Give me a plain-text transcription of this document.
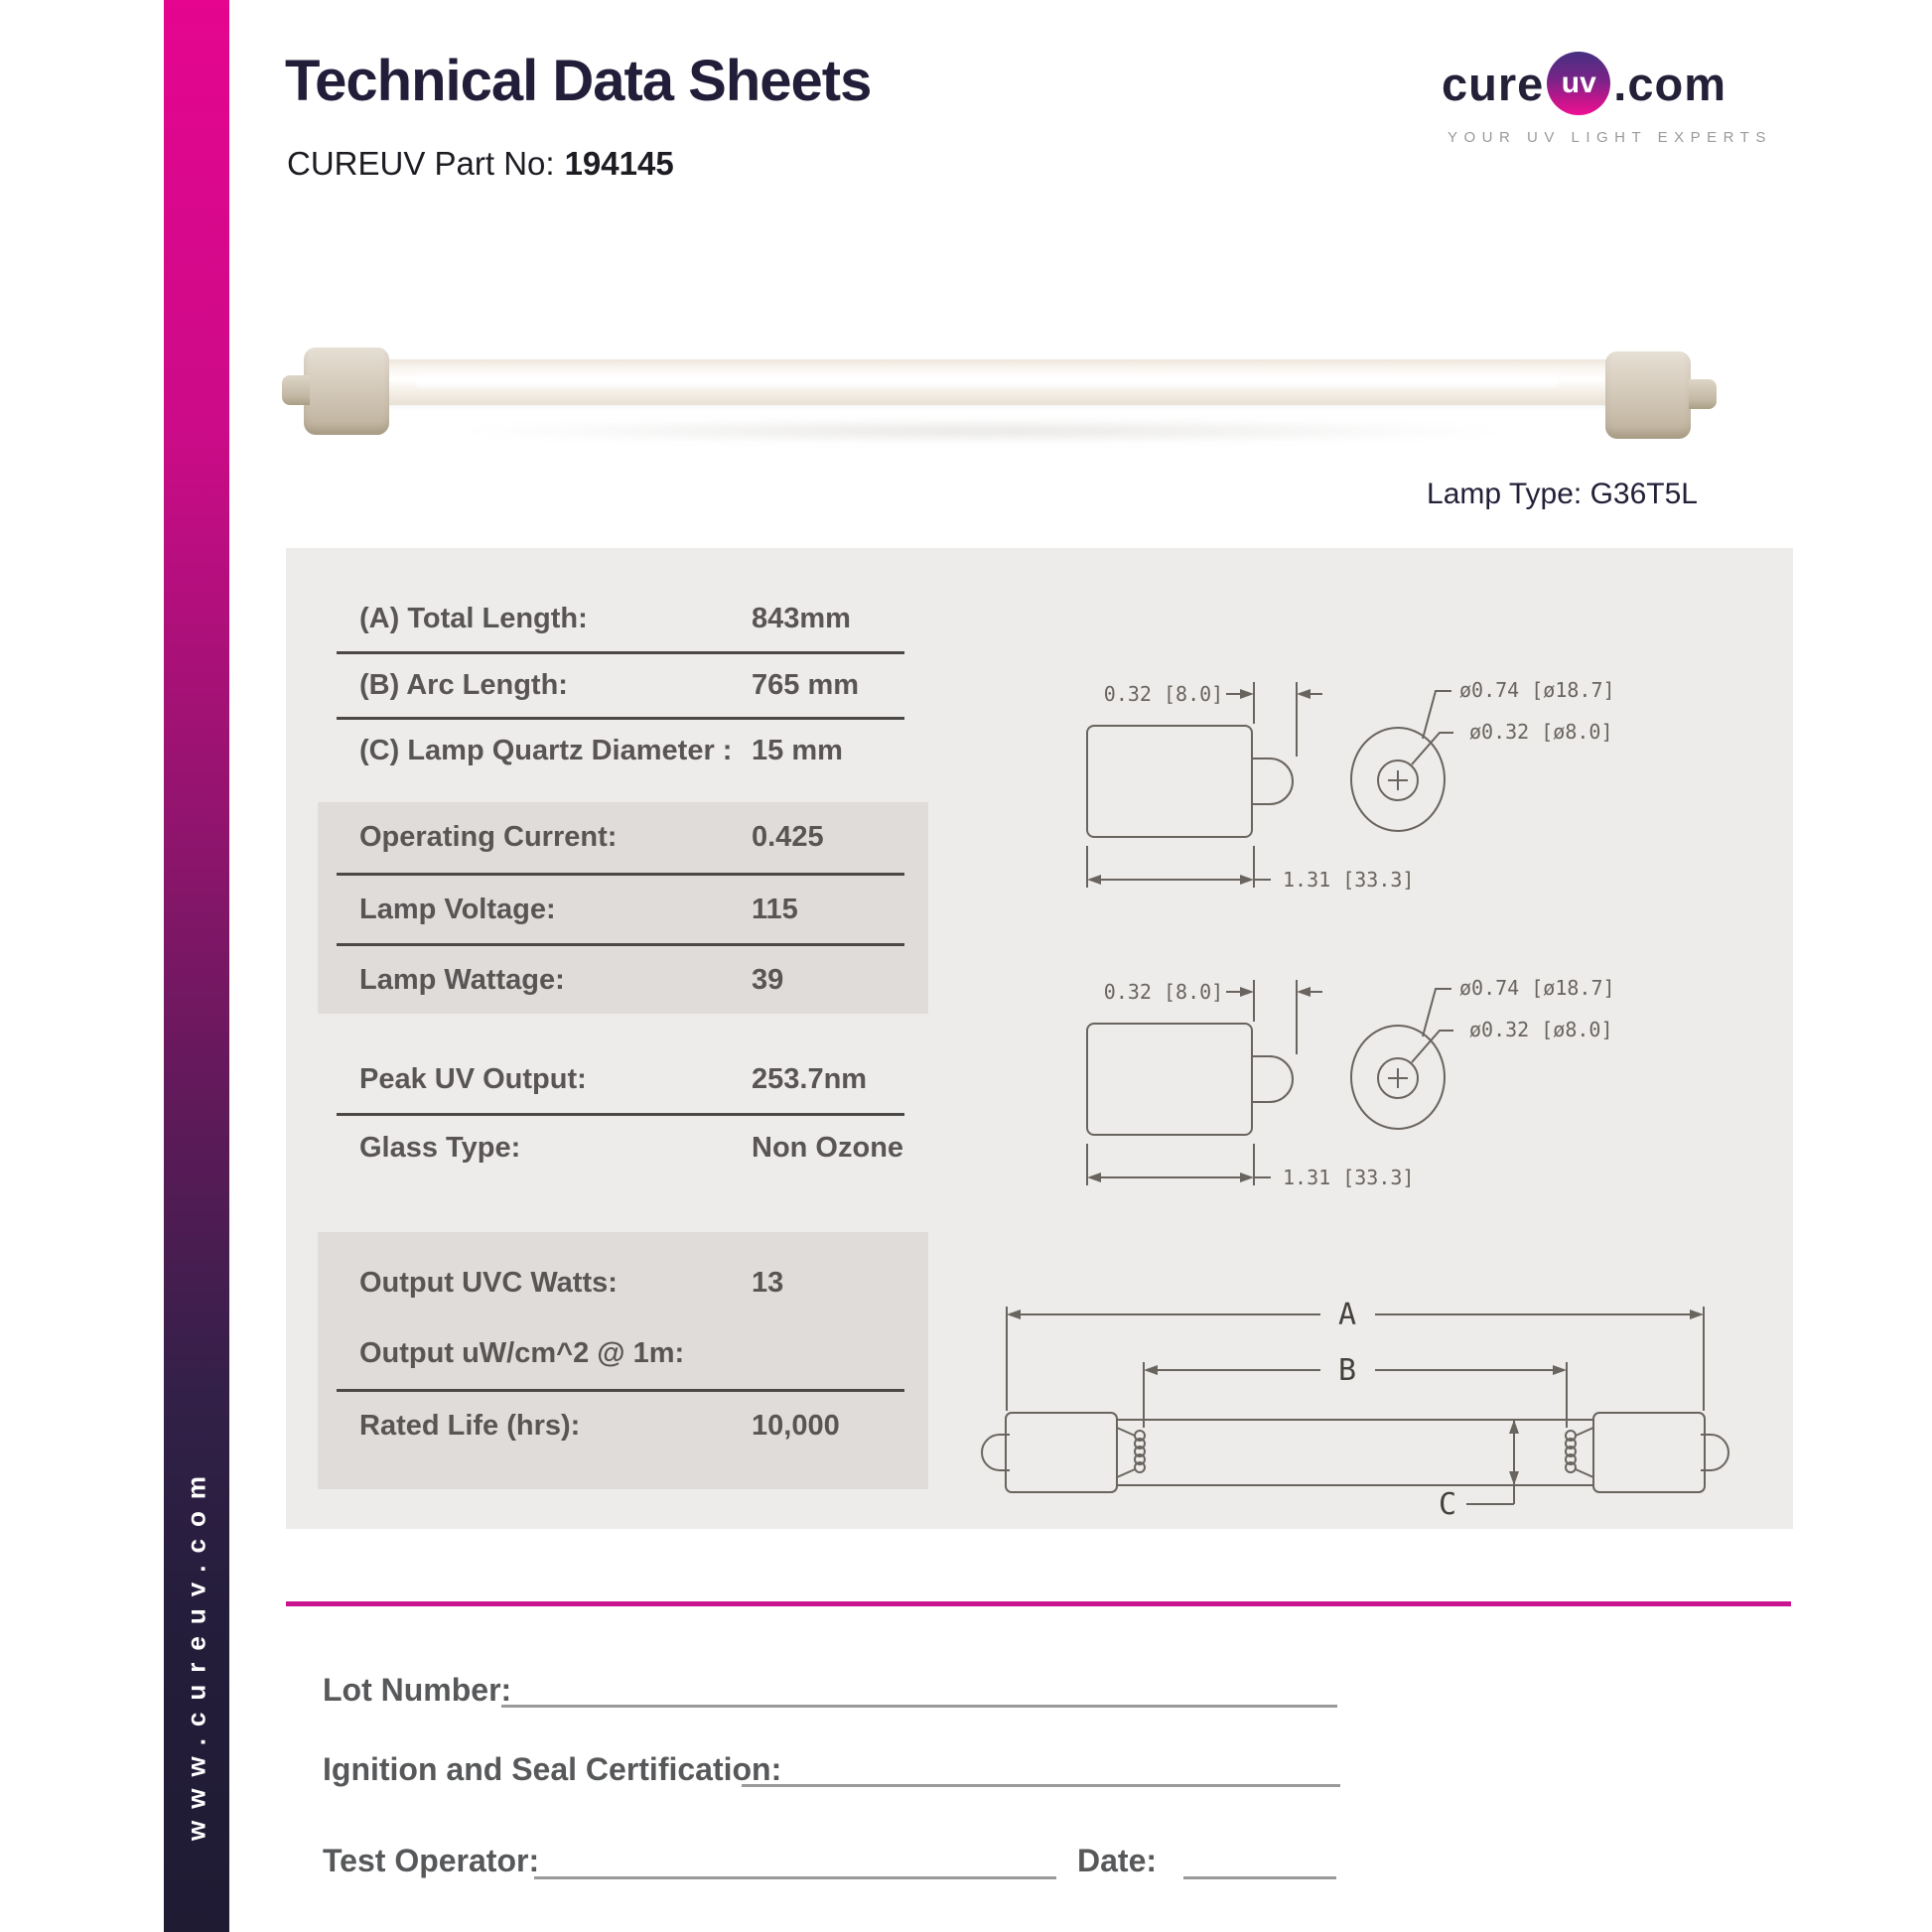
www.cureuv.com
Technical Data Sheets
CUREUV Part No: 194145
cure uv .com
YOUR UV LIGHT EXPERTS
Lamp Type: G36T5L
(A) Total Length:	843mm
(B) Arc Length:	765 mm
(C) Lamp Quartz Diameter : 15 mm
Operating Current:	0.425
Lamp Voltage:	115
Lamp Wattage:	39
Peak UV Output:	253.7nm
Glass Type:	Non Ozone
Output UVC Watts:	13
Output uW/cm^2 @ 1m:
Rated Life (hrs):	10,000
0.32 [8.0]
1.31 [33.3]
ø0.74 [ø18.7]
ø0.32 [ø8.0]
0.32 [8.0]
1.31 [33.3]
ø0.74 [ø18.7]
ø0.32 [ø8.0]
A
B
C
Lot Number:
Ignition and Seal Certification:
Test Operator:	Date:
